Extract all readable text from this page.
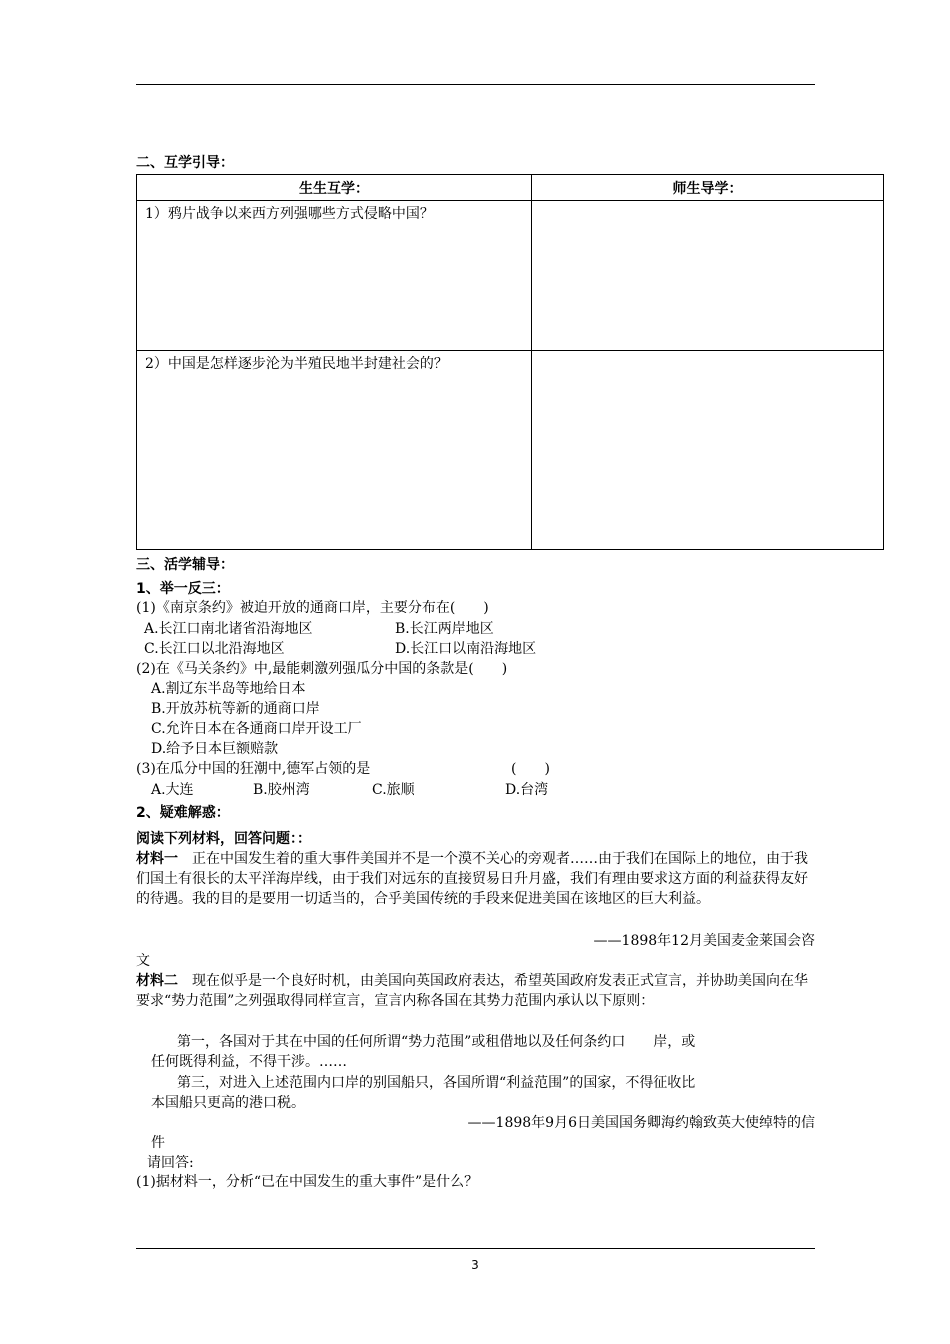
二、互学引导：
生生互学：	师生导学：

1）鸦片战争以来西方列强哪些方式侵略中国？	

2）中国是怎样逐步沦为半殖民地半封建社会的？	

三、活学辅导：
1、举一反三：
(1)《南京条约》被迫开放的通商口岸，主要分布在(　　)
A.长江口南北诸省沿海地区	B.长江两岸地区
C.长江口以北沿海地区	D.长江口以南沿海地区
(2)在《马关条约》中,最能刺激列强瓜分中国的条款是(　　)
A.割辽东半岛等地给日本
B.开放苏杭等新的通商口岸
C.允许日本在各通商口岸开设工厂
D.给予日本巨额赔款
(3)在瓜分中国的狂潮中,德军占领的是	(　　)
A.大连	B.胶州湾	C.旅顺	D.台湾
2、疑难解惑：
阅读下列材料，回答问题：：
材料一　正在中国发生着的重大事件美国并不是一个漠不关心的旁观者……由于我们在国际上的地位，由于我们国土有很长的太平洋海岸线，由于我们对远东的直接贸易日升月盛，我们有理由要求这方面的利益获得友好的待遇。我的目的是要用一切适当的，合乎美国传统的手段来促进美国在该地区的巨大利益。
——1898年12月美国麦金莱国会咨
文
材料二　现在似乎是一个良好时机，由美国向英国政府表达，希望英国政府发表正式宣言，并协助美国向在华要求“势力范围”之列强取得同样宣言，宣言内称各国在其势力范围内承认以下原则：
第一，各国对于其在中国的任何所谓“势力范围”或租借地以及任何条约口　　岸，或
任何既得利益，不得干涉。……
第三，对进入上述范围内口岸的别国船只，各国所谓“利益范围”的国家，不得征收比
本国船只更高的港口税。
——1898年9月6日美国国务卿海约翰致英大使绰特的信
件
请回答:
(1)据材料一，分析“已在中国发生的重大事件”是什么？
3
